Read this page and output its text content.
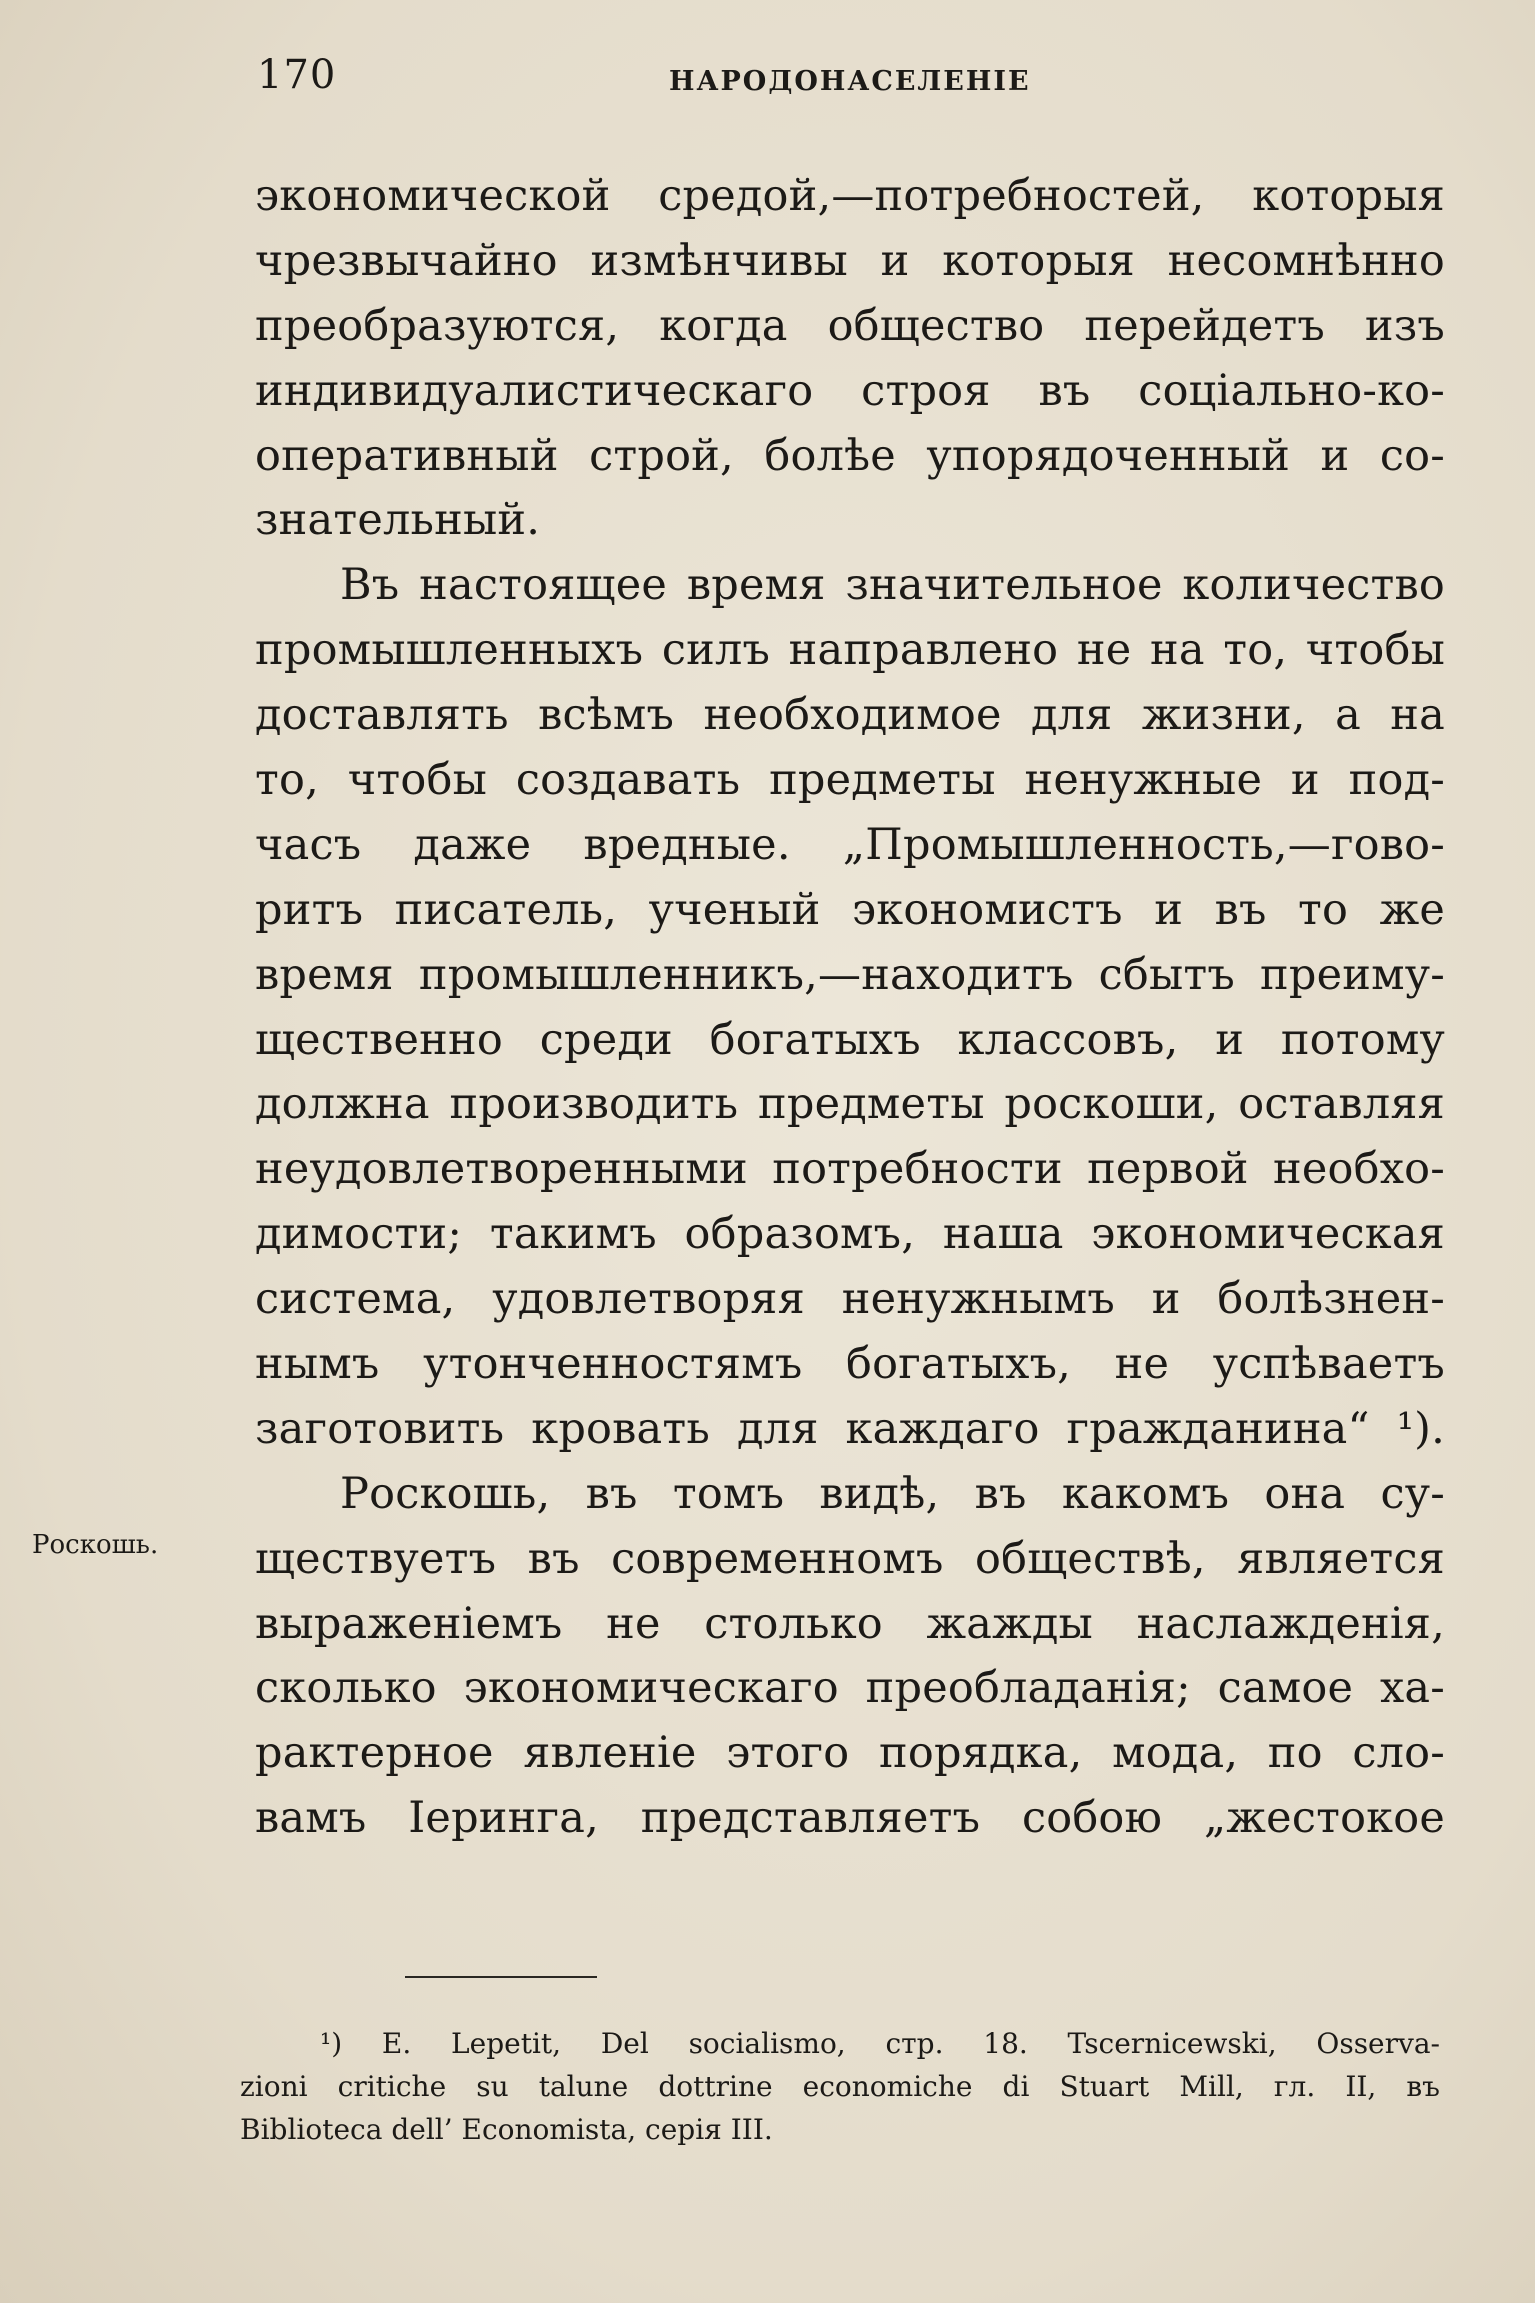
170	НАРОДОНАСЕЛЕНІЕ
экономической средой,—потребностей, которыя
чрезвычайно измѣнчивы и которыя несомнѣнно
преобразуются, когда общество перейдетъ изъ
индивидуалистическаго строя въ соціально-ко-
оперативный строй, болѣе упорядоченный и со-
знательный.
Въ настоящее время значительное количество
промышленныхъ силъ направлено не на то, чтобы
доставлять всѣмъ необходимое для жизни, а на
то, чтобы создавать предметы ненужные и под-
часъ даже вредные. „Промышленность,—гово-
ритъ писатель, ученый экономистъ и въ то же
время промышленникъ,—находитъ сбытъ преиму-
щественно среди богатыхъ классовъ, и потому
должна производить предметы роскоши, оставляя
неудовлетворенными потребности первой необхо-
димости; такимъ образомъ, наша экономическая
система, удовлетворяя ненужнымъ и болѣзнен-
нымъ утонченностямъ богатыхъ, не успѣваетъ
заготовить кровать для каждаго гражданина“ ¹).
Роскошь, въ томъ видѣ, въ какомъ она су-
ществуетъ въ современномъ обществѣ, является
выраженіемъ не столько жажды наслажденія,
сколько экономическаго преобладанія; самое ха-
рактерное явленіе этого порядка, мода, по сло-
вамъ Іеринга, представляетъ собою „жестокое
Роскошь.
¹) E. Lepetit, Del socialismo, стр. 18. Tscernicewski, Osserva-
zioni critiche su talune dottrine economiche di Stuart Mill, гл. II, въ
Biblioteca dell’ Economista, серія III.
